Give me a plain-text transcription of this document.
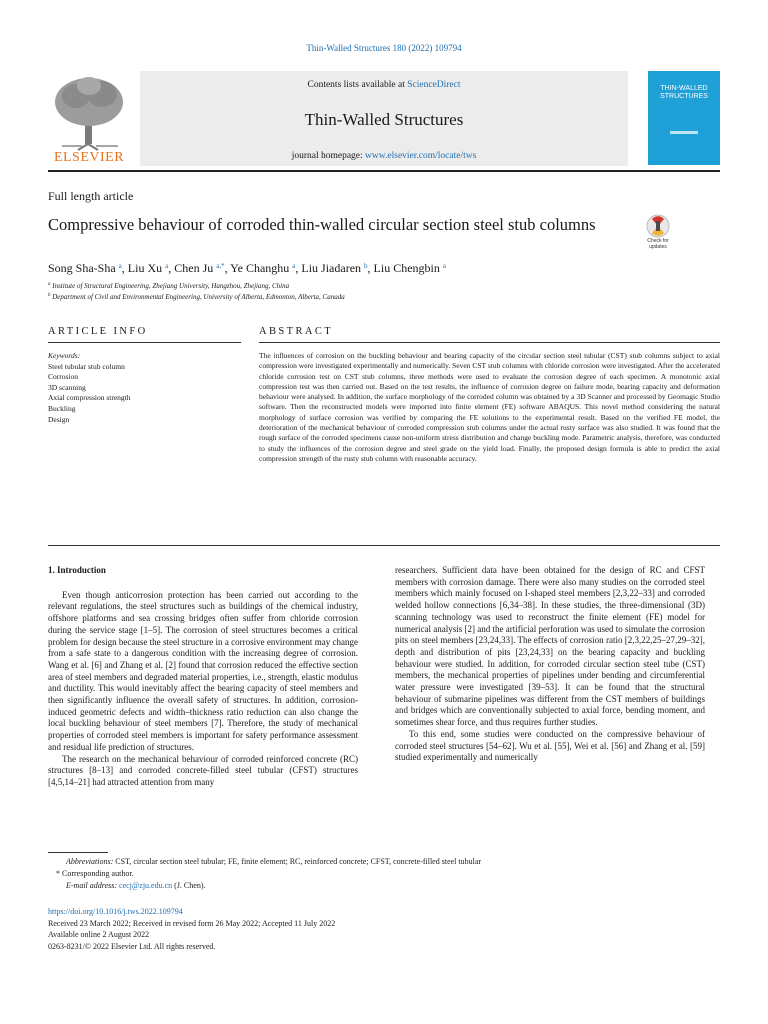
Thin-Walled Structures 180 (2022) 109794
ELSEVIER
Contents lists available at ScienceDirect
Thin-Walled Structures
journal homepage: www.elsevier.com/locate/tws
THIN-WALLED STRUCTURES
Full length article
Compressive behaviour of corroded thin-walled circular section steel stub columns
Check for updates
Song Sha-Sha $^a$, Liu Xu $^a$, Chen Ju $^{a,*}$, Ye Changhu $^a$, Liu Jiadaren $^b$, Liu Chengbin $^a$
$^a$ Institute of Structural Engineering, Zhejiang University, Hangzhou, Zhejiang, China
$^b$ Department of Civil and Environmental Engineering, University of Alberta, Edmonton, Alberta, Canada
ARTICLE INFO	ABSTRACT
Keywords:
Steel tubular stub column
Corrosion
3D scanning
Axial compression strength
Buckling
Design
The influences of corrosion on the buckling behaviour and bearing capacity of the circular section steel tubular (CST) stub columns subject to axial compression were investigated experimentally and numerically. Seven CST stub columns with chloride corrosion were investigated. After the accelerated chloride corrosion test on CST stub columns, three methods were used to evaluate the corrosion degree of each specimen. A monotonic axial compression test was then carried out. Based on the test results, the influence of corrosion degree on failure mode, bearing capacity and deformation behaviour were analysed. In addition, the surface morphology of the corroded column was obtained by a 3D Scanner and processed by Geomagic Studio software. Then the reconstructed models were imported into finite element (FE) software ABAQUS. This novel method considering the natural morphology of surface corrosion was verified by comparing the FE solutions to the experimental result. Based on the verified FE model, the deterioration of the mechanical behaviour of corroded compression stub columns under the actual rusty surface was also studied. It was found that the rough surface of the corroded specimens cause non-uniform stress distribution and change buckling mode. Parametric analysis, therefore, was conducted to study the influences of the corrosion degree and steel grade on the yield load. Finally, the proposed design formula is able to predict the axial compression strength of the rusty stub column with reasonable accuracy.

1. Introduction

Even though anticorrosion protection has been carried out according to the relevant regulations, the steel structures such as buildings of the chemical industry, offshore platforms and sea crossing bridges often suffer from chloride corrosion during the service stage [1–5]. The corrosion of steel structures becomes a critical problem for design because the steel structure in a corrosive environment may change from a safe state to a dangerous condition with the increasing degree of corrosion. Wang et al. [6] and Zhang et al. [2] found that corrosion reduced the effective section area of steel members and degraded material properties, i.e., strength, elastic modulus and ductility. This would inevitably affect the bearing capacity of steel members and then significantly influence the overall safety of structures. In addition, corrosion-induced geometric defects and width–thickness ratio reduction can also change the local buckling behaviour of steel members [7]. Therefore, the study of mechanical properties of corroded steel members is important for safety performance assessment and residual life prediction of structures.

The research on the mechanical behaviour of corroded reinforced concrete (RC) structures [8–13] and corroded concrete-filled steel tubular (CFST) structures [4,5,14–21] had attracted attention from many

researchers. Sufficient data have been obtained for the design of RC and CFST members with corrosion damage. There were also many studies on the corroded steel members which mainly focused on I-shaped steel members [2,3,22–33] and corroded welded hollow connections [6,34–38]. In these studies, the three-dimensional (3D) scanning technology was used to reconstruct the finite element (FE) model for numerical analysis [2] and the artificial perforation was used to simulate the corrosion pits on steel members [23,24,33]. The effects of corrosion ratio [2,3,22,25–27,29–32], depth and distribution of pits [23,24,33] on the bearing capacity and buckling behaviour were studied. In addition, for corroded circular section steel tube (CST) members, the mechanical properties of pipelines under bending and circumferential water pressure were investigated [39–53]. It can be found that the structural behaviour of submarine pipelines was different from the CST members of buildings and bridges which are conventionally subjected to axial force, bending moment, and sometimes shear force, and thus requires further studies.

To this end, some studies were conducted on the compressive behaviour of corroded steel structures [54–62]. Wu et al. [55], Wei et al. [56] and Zhang et al. [59] studied experimentally and numerically

Abbreviations: CST, circular section steel tubular; FE, finite element; RC, reinforced concrete; CFST, concrete-filled steel tubular
* Corresponding author.
E-mail address: cecj@zju.edu.cn (J. Chen).
https://doi.org/10.1016/j.tws.2022.109794
Received 23 March 2022; Received in revised form 26 May 2022; Accepted 11 July 2022
Available online 2 August 2022
0263-8231/© 2022 Elsevier Ltd. All rights reserved.
